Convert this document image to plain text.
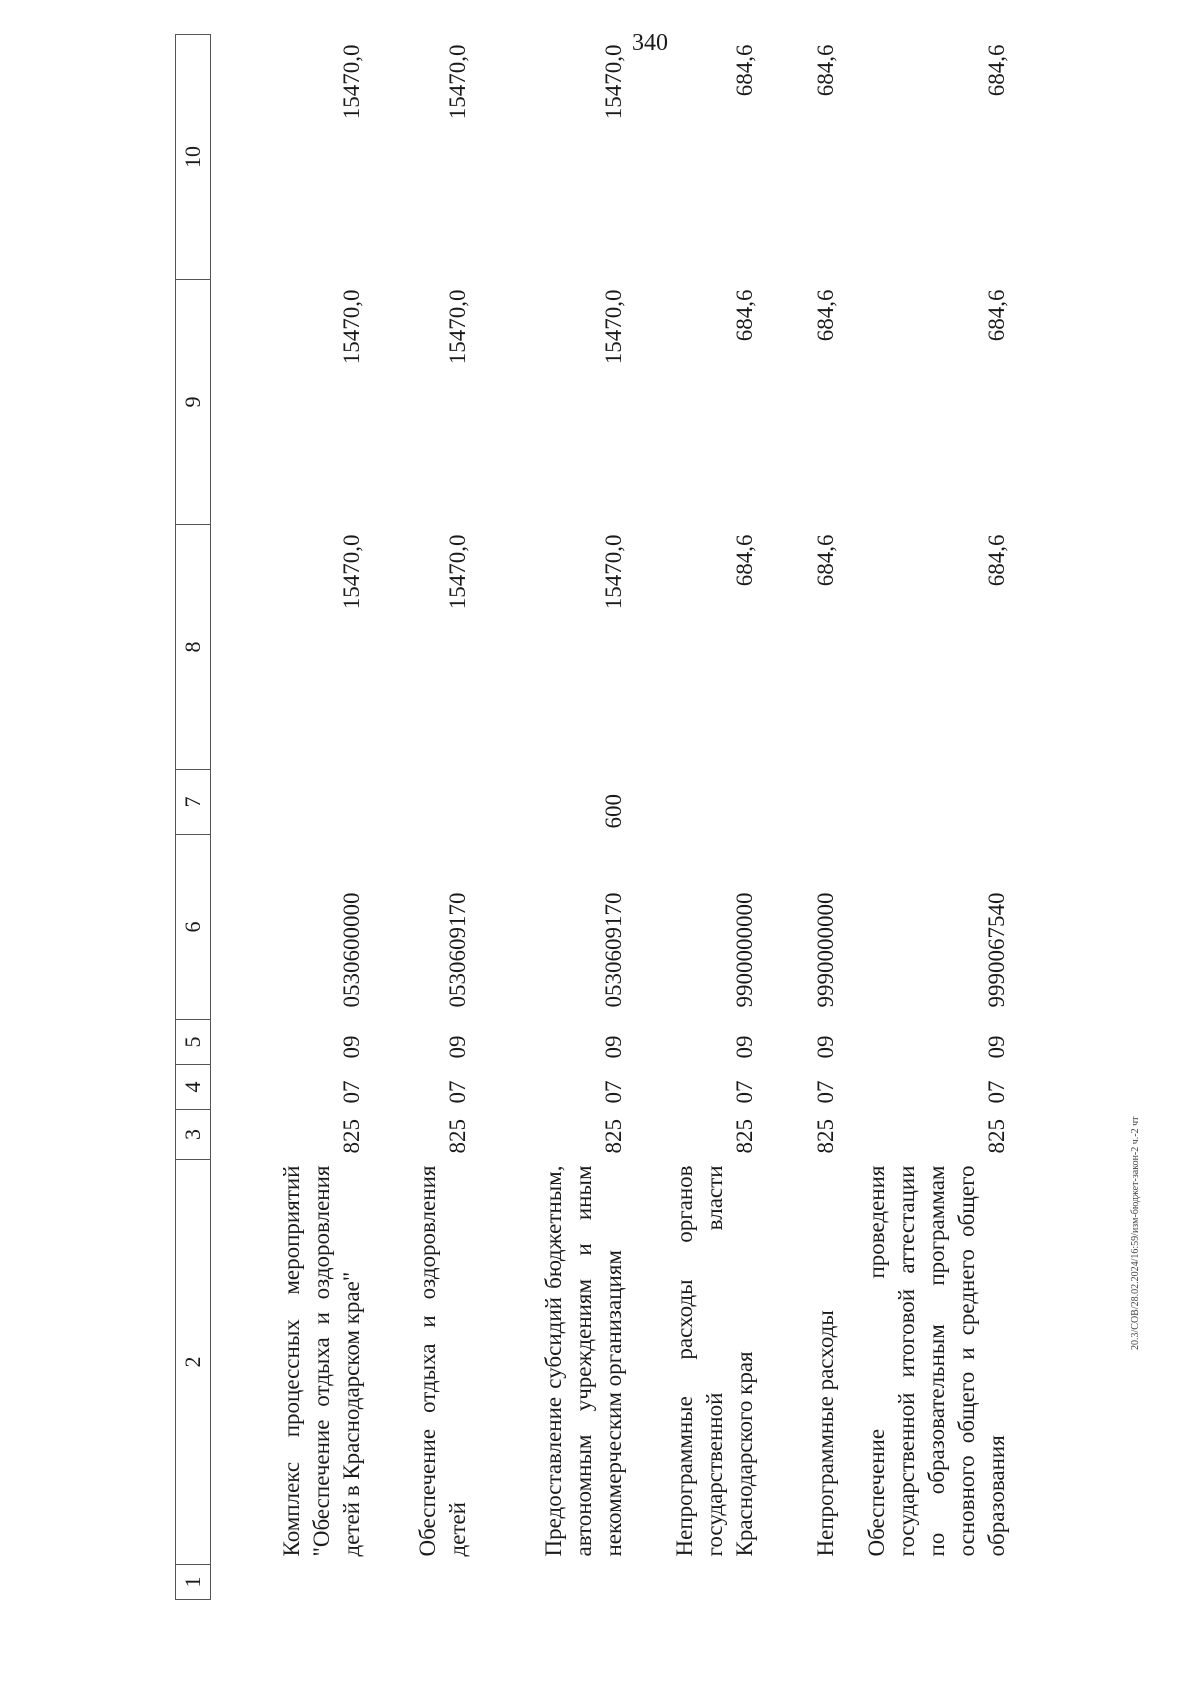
340
1	2	3	4	5	6	7	8	9	10
	Комплекс процессных мероприятий "Обеспечение отдыха и оздоровления детей в Краснодарском крае"	825	07	09	0530600000		15470,0	15470,0	15470,0
	Обеспечение отдыха и оздоровления детей	825	07	09	0530609170		15470,0	15470,0	15470,0
	Предоставление субсидий бюджетным, автономным учреждениям и иным некоммерческим организациям	825	07	09	0530609170	600	15470,0	15470,0	15470,0
	Непрограммные расходы органов государственной власти Краснодарского края	825	07	09	9900000000		684,6	684,6	684,6
	Непрограммные расходы	825	07	09	9990000000		684,6	684,6	684,6
	Обеспечение проведения государственной итоговой аттестации по образовательным программам основного общего и среднего общего образования	825	07	09	9990067540		684,6	684,6	684,6
20.3/СОВ/28.02.2024/16:59/изм-бюджет-закон-2 ч.-2 чт
